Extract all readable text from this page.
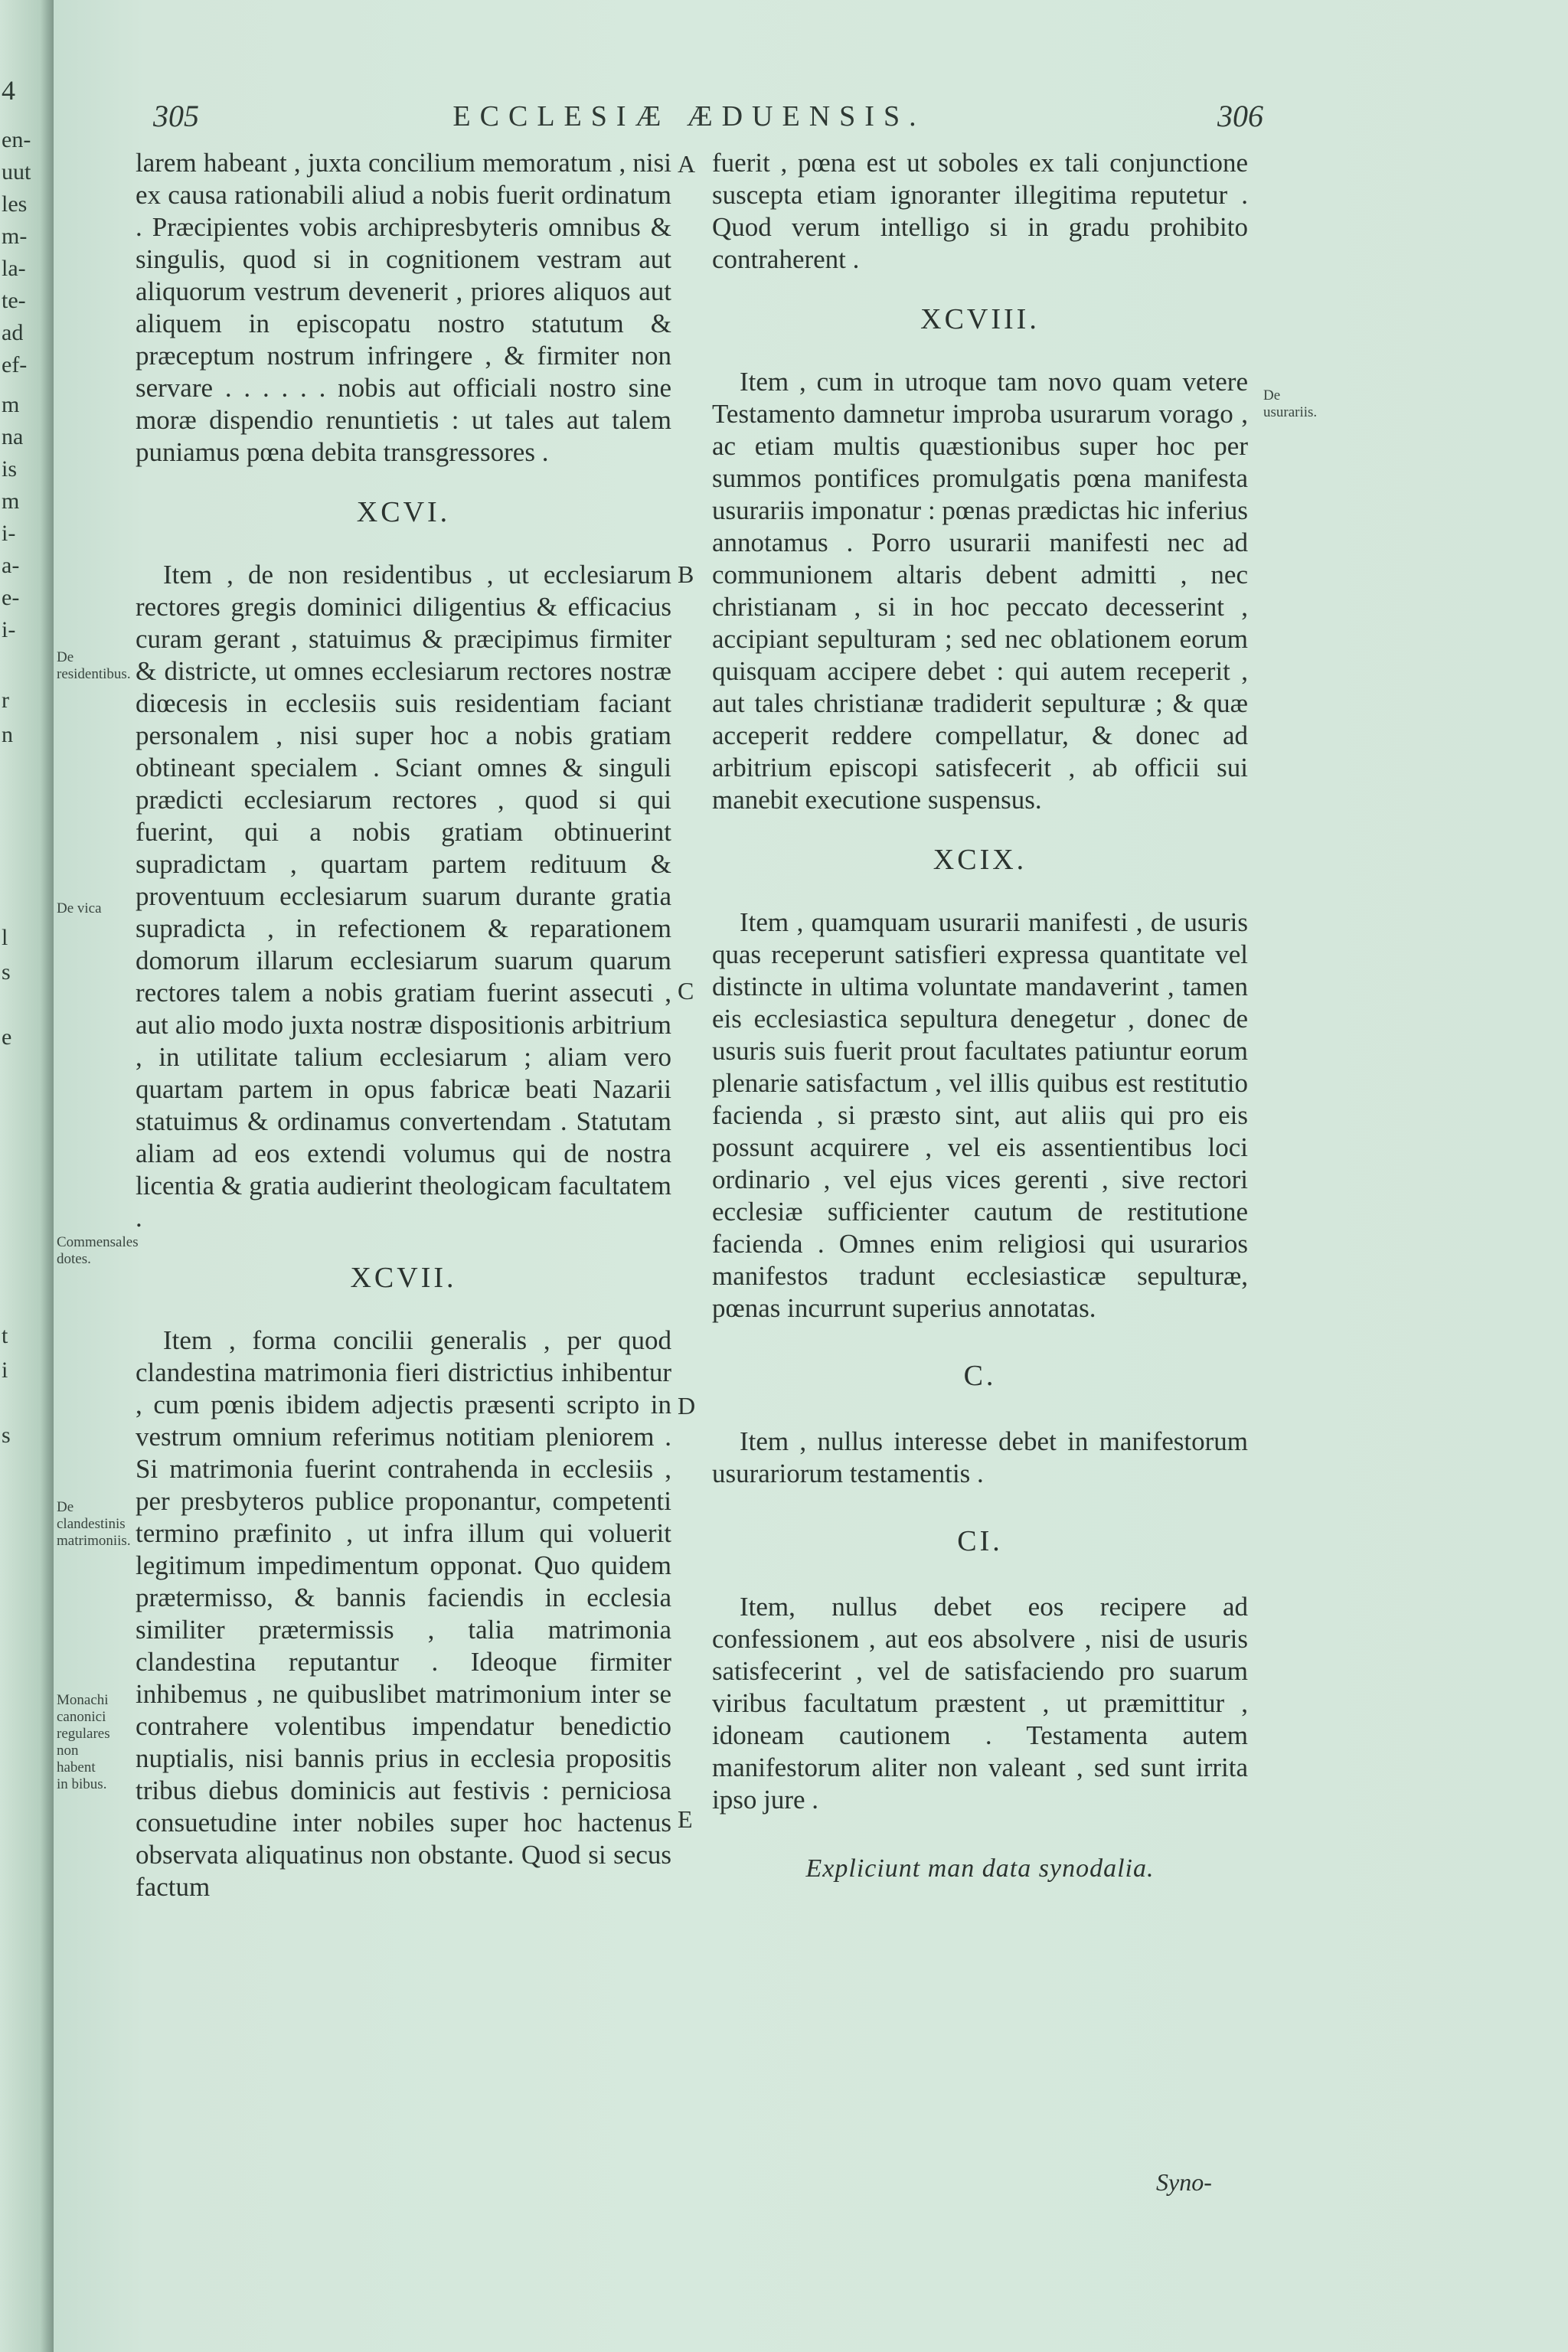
4
en-
uut
les
m-
la-
te-
ad
ef-
m
na
is
m
i-
a-
e-
i-
r
n
l
s
e
t
i
s
305	ECCLESIÆ ÆDUENSIS.	306
De residentibus.
De vica
Commensales dotes.
De clandestinis matrimoniis.
Monachi canonici regulares non habent in bibus.
De usurariis.
A
B
C
D
E

larem habeant , juxta concilium memoratum , nisi ex causa rationabili aliud a nobis fuerit ordinatum . Præcipientes vobis archipresbyteris omnibus & singulis, quod si in cognitionem vestram aut aliquorum vestrum devenerit , priores aliquos aut aliquem in episcopatu nostro statutum & præceptum nostrum infringere , & firmiter non servare . . . . . . nobis aut officiali nostro sine moræ dispendio renuntietis : ut tales aut talem puniamus pœna debita transgressores .

XCVI.

Item , de non residentibus , ut ecclesiarum rectores gregis dominici diligentius & efficacius curam gerant , statuimus & præcipimus firmiter & districte, ut omnes ecclesiarum rectores nostræ diœcesis in ecclesiis suis residentiam faciant personalem , nisi super hoc a nobis gratiam obtineant specialem . Sciant omnes & singuli prædicti ecclesiarum rectores , quod si qui fuerint, qui a nobis gratiam obtinuerint supradictam , quartam partem redituum & proventuum ecclesiarum suarum durante gratia supradicta , in refectionem & reparationem domorum illarum ecclesiarum suarum quarum rectores talem a nobis gratiam fuerint assecuti , aut alio modo juxta nostræ dispositionis arbitrium , in utilitate talium ecclesiarum ; aliam vero quartam partem in opus fabricæ beati Nazarii statuimus & ordinamus convertendam . Statutam aliam ad eos extendi volumus qui de nostra licentia & gratia audierint theologicam facultatem .

XCVII.

Item , forma concilii generalis , per quod clandestina matrimonia fieri districtius inhibentur , cum pœnis ibidem adjectis præsenti scripto in vestrum omnium referimus notitiam pleniorem . Si matrimonia fuerint contrahenda in ecclesiis , per presbyteros publice proponantur, competenti termino præfinito , ut infra illum qui voluerit legitimum impedimentum opponat. Quo quidem prætermisso, & bannis faciendis in ecclesia similiter prætermissis , talia matrimonia clandestina reputantur . Ideoque firmiter inhibemus , ne quibuslibet matrimonium inter se contrahere volentibus impendatur benedictio nuptialis, nisi bannis prius in ecclesia propositis tribus diebus dominicis aut festivis : perniciosa consuetudine inter nobiles super hoc hactenus observata aliquatinus non obstante. Quod si secus factum

fuerit , pœna est ut soboles ex tali conjunctione suscepta etiam ignoranter illegitima reputetur . Quod verum intelligo si in gradu prohibito contraherent .

XCVIII.

Item , cum in utroque tam novo quam vetere Testamento damnetur improba usurarum vorago , ac etiam multis quæstionibus super hoc per summos pontifices promulgatis pœna manifesta usurariis imponatur : pœnas prædictas hic inferius annotamus . Porro usurarii manifesti nec ad communionem altaris debent admitti , nec christianam , si in hoc peccato decesserint , accipiant sepulturam ; sed nec oblationem eorum quisquam accipere debet : qui autem receperit , aut tales christianæ tradiderit sepulturæ ; & quæ acceperit reddere compellatur, & donec ad arbitrium episcopi satisfecerit , ab officii sui manebit executione suspensus.

XCIX.

Item , quamquam usurarii manifesti , de usuris quas receperunt satisfieri expressa quantitate vel distincte in ultima voluntate mandaverint , tamen eis ecclesiastica sepultura denegetur , donec de usuris suis fuerit prout facultates patiuntur eorum plenarie satisfactum , vel illis quibus est restitutio facienda , si præsto sint, aut aliis qui pro eis possunt acquirere , vel eis assentientibus loci ordinario , vel ejus vices gerenti , sive rectori ecclesiæ sufficienter cautum de restitutione facienda . Omnes enim religiosi qui usurarios manifestos tradunt ecclesiasticæ sepulturæ, pœnas incurrunt superius annotatas.

C.

Item , nullus interesse debet in manifestorum usurariorum testamentis .

CI.

Item, nullus debet eos recipere ad confessionem , aut eos absolvere , nisi de usuris satisfecerint , vel de satisfaciendo pro suarum viribus facultatum præstent , ut præmittitur , idoneam cautionem . Testamenta autem manifestorum aliter non valeant , sed sunt irrita ipso jure .

Expliciunt man data synodalia.
Syno-
